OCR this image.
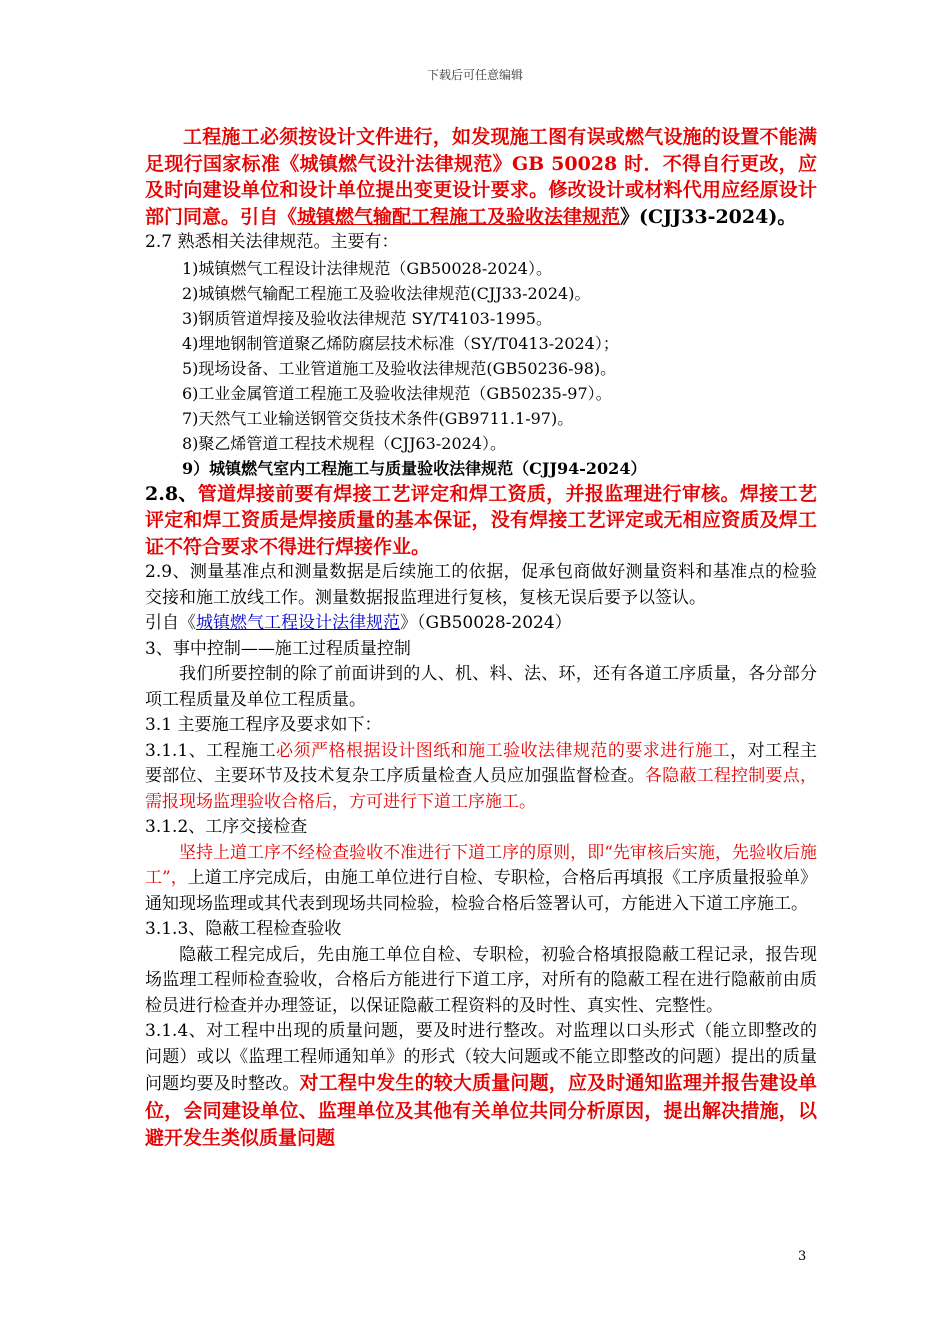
下载后可任意编辑

工程施工必须按设计文件进行，如发现施工图有误或燃气设施的设置不能满足现行国家标准《城镇燃气设汁法律规范》GB 50028 时．不得自行更改，应及时向建设单位和设计单位提出变更设计要求。修改设计或材料代用应经原设计部门同意。引自《城镇燃气输配工程施工及验收法律规范》(CJJ33-2024)。

2.7 熟悉相关法律规范。主要有：

1)城镇燃气工程设计法律规范（GB50028-2024）。

2)城镇燃气输配工程施工及验收法律规范(CJJ33-2024)。

3)钢质管道焊接及验收法律规范 SY/T4103-1995。

4)埋地钢制管道聚乙烯防腐层技术标准（SY/T0413-2024）；

5)现场设备、工业管道施工及验收法律规范(GB50236-98)。

6)工业金属管道工程施工及验收法律规范（GB50235-97）。

7)天然气工业输送钢管交货技术条件(GB9711.1-97)。

8)聚乙烯管道工程技术规程（CJJ63-2024）。

9）城镇燃气室内工程施工与质量验收法律规范（CJJ94-2024）

2.8、管道焊接前要有焊接工艺评定和焊工资质，并报监理进行审核。焊接工艺评定和焊工资质是焊接质量的基本保证，没有焊接工艺评定或无相应资质及焊工证不符合要求不得进行焊接作业。

2.9、测量基准点和测量数据是后续施工的依据，促承包商做好测量资料和基准点的检验交接和施工放线工作。测量数据报监理进行复核，复核无误后要予以签认。

引自《城镇燃气工程设计法律规范》（GB50028-2024）

3、事中控制——施工过程质量控制

我们所要控制的除了前面讲到的人、机、料、法、环，还有各道工序质量，各分部分项工程质量及单位工程质量。

3.1 主要施工程序及要求如下：

3.1.1、工程施工必须严格根据设计图纸和施工验收法律规范的要求进行施工，对工程主要部位、主要环节及技术复杂工序质量检查人员应加强监督检查。各隐蔽工程控制要点，需报现场监理验收合格后，方可进行下道工序施工。

3.1.2、工序交接检查

坚持上道工序不经检查验收不准进行下道工序的原则，即“先审核后实施，先验收后施工”，上道工序完成后，由施工单位进行自检、专职检，合格后再填报《工序质量报验单》通知现场监理或其代表到现场共同检验，检验合格后签署认可，方能进入下道工序施工。

3.1.3、隐蔽工程检查验收

隐蔽工程完成后，先由施工单位自检、专职检，初验合格填报隐蔽工程记录，报告现场监理工程师检查验收，合格后方能进行下道工序，对所有的隐蔽工程在进行隐蔽前由质检员进行检查并办理签证，以保证隐蔽工程资料的及时性、真实性、完整性。

3.1.4、对工程中出现的质量问题，要及时进行整改。对监理以口头形式（能立即整改的问题）或以《监理工程师通知单》的形式（较大问题或不能立即整改的问题）提出的质量问题均要及时整改。对工程中发生的较大质量问题，应及时通知监理并报告建设单位，会同建设单位、监理单位及其他有关单位共同分析原因，提出解决措施，以避开发生类似质量问题

3
